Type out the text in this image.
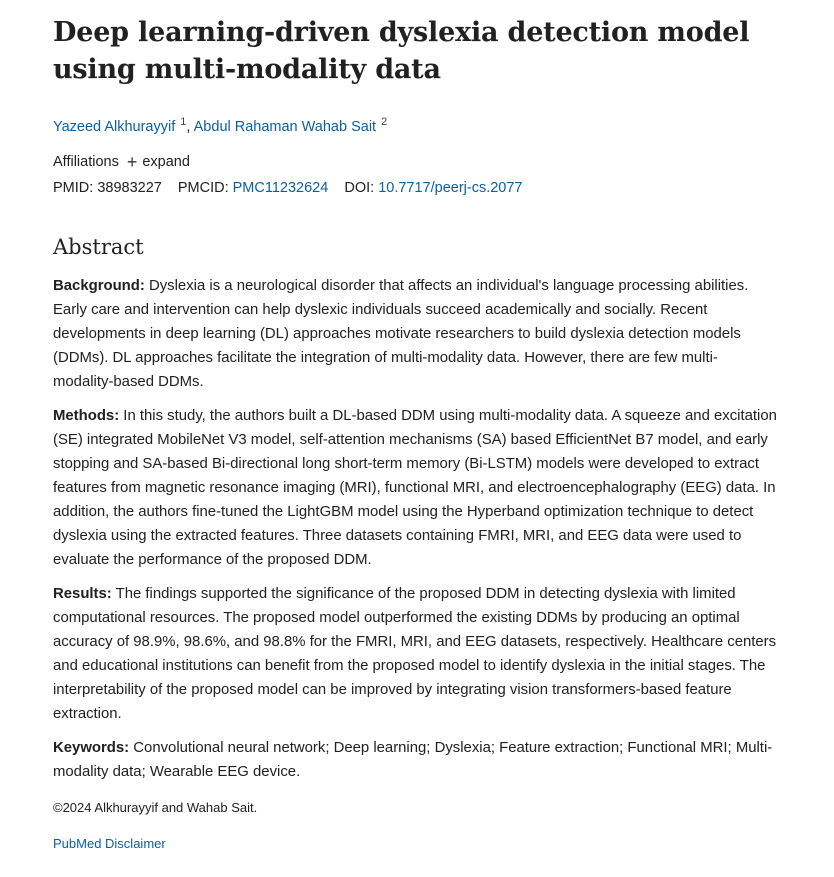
Deep learning-driven dyslexia detection model using multi-modality data
Yazeed Alkhurayyif $^1$, Abdul Rahaman Wahab Sait $^2$
Affiliations + expand
PMID: 38983227 PMCID: PMC11232624 DOI: 10.7717/peerj-cs.2077
Abstract

Background: Dyslexia is a neurological disorder that affects an individual's language processing abilities. Early care and intervention can help dyslexic individuals succeed academically and socially. Recent developments in deep learning (DL) approaches motivate researchers to build dyslexia detection models (DDMs). DL approaches facilitate the integration of multi-modality data. However, there are few multi-modality-based DDMs.

Methods: In this study, the authors built a DL-based DDM using multi-modality data. A squeeze and excitation (SE) integrated MobileNet V3 model, self-attention mechanisms (SA) based EfficientNet B7 model, and early stopping and SA-based Bi-directional long short-term memory (Bi-LSTM) models were developed to extract features from magnetic resonance imaging (MRI), functional MRI, and electroencephalography (EEG) data. In addition, the authors fine-tuned the LightGBM model using the Hyperband optimization technique to detect dyslexia using the extracted features. Three datasets containing FMRI, MRI, and EEG data were used to evaluate the performance of the proposed DDM.

Results: The findings supported the significance of the proposed DDM in detecting dyslexia with limited computational resources. The proposed model outperformed the existing DDMs by producing an optimal accuracy of 98.9%, 98.6%, and 98.8% for the FMRI, MRI, and EEG datasets, respectively. Healthcare centers and educational institutions can benefit from the proposed model to identify dyslexia in the initial stages. The interpretability of the proposed model can be improved by integrating vision transformers-based feature extraction.

Keywords: Convolutional neural network; Deep learning; Dyslexia; Feature extraction; Functional MRI; Multi-modality data; Wearable EEG device.

©2024 Alkhurayyif and Wahab Sait.
PubMed Disclaimer
